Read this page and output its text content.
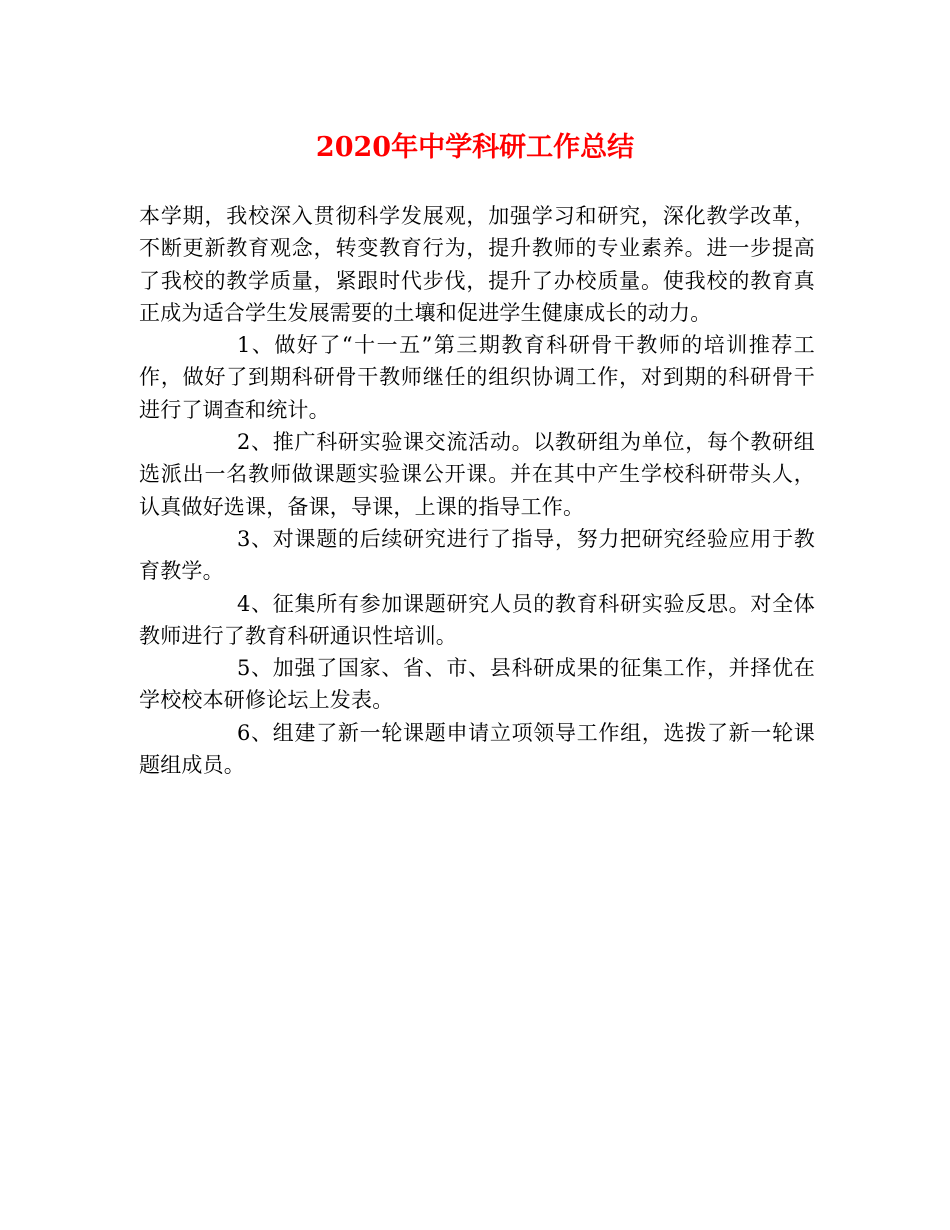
2020年中学科研工作总结

本学期，我校深入贯彻科学发展观，加强学习和研究，深化教学改革，不断更新教育观念，转变教育行为，提升教师的专业素养。进一步提高了我校的教学质量，紧跟时代步伐，提升了办校质量。使我校的教育真正成为适合学生发展需要的土壤和促进学生健康成长的动力。

1、做好了“十一五”第三期教育科研骨干教师的培训推荐工作，做好了到期科研骨干教师继任的组织协调工作，对到期的科研骨干进行了调查和统计。

2、推广科研实验课交流活动。以教研组为单位，每个教研组选派出一名教师做课题实验课公开课。并在其中产生学校科研带头人，认真做好选课，备课，导课，上课的指导工作。

3、对课题的后续研究进行了指导，努力把研究经验应用于教育教学。

4、征集所有参加课题研究人员的教育科研实验反思。对全体教师进行了教育科研通识性培训。

5、加强了国家、省、市、县科研成果的征集工作，并择优在学校校本研修论坛上发表。

6、组建了新一轮课题申请立项领导工作组，选拨了新一轮课题组成员。
